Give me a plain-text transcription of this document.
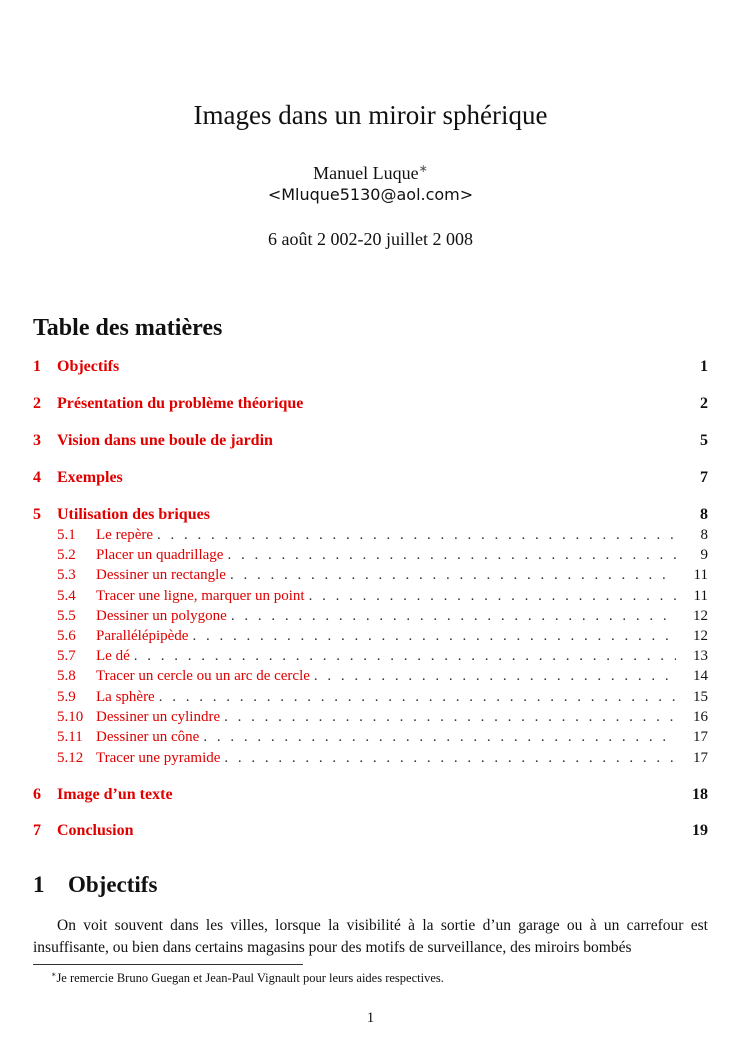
Images dans un miroir sphérique
Manuel Luque∗
<Mluque5130@aol.com>
6 août 2 002-20 juillet 2 008
Table des matières
1 Objectifs	1
2 Présentation du problème théorique	2
3 Vision dans une boule de jardin	5
4 Exemples	7
5 Utilisation des briques	8
5.1	Le repère . . .	8
5.2	Placer un quadrillage . . .	9
5.3	Dessiner un rectangle . . .	11
5.4	Tracer une ligne, marquer un point . . .	11
5.5	Dessiner un polygone . . .	12
5.6	Parallélépipède . . .	12
5.7	Le dé . . .	13
5.8	Tracer un cercle ou un arc de cercle . . .	14
5.9	La sphère . . .	15
5.10 Dessiner un cylindre . . .	16
5.11 Dessiner un cône . . .	17
5.12 Tracer une pyramide . . .	17
6 Image d’un texte	18
7 Conclusion	19
1 Objectifs
On voit souvent dans les villes, lorsque la visibilité à la sortie d’un garage ou à un carrefour est insuffisante, ou bien dans certains magasins pour des motifs de surveillance, des miroirs bombés
∗Je remercie Bruno Guegan et Jean-Paul Vignault pour leurs aides respectives.
1
